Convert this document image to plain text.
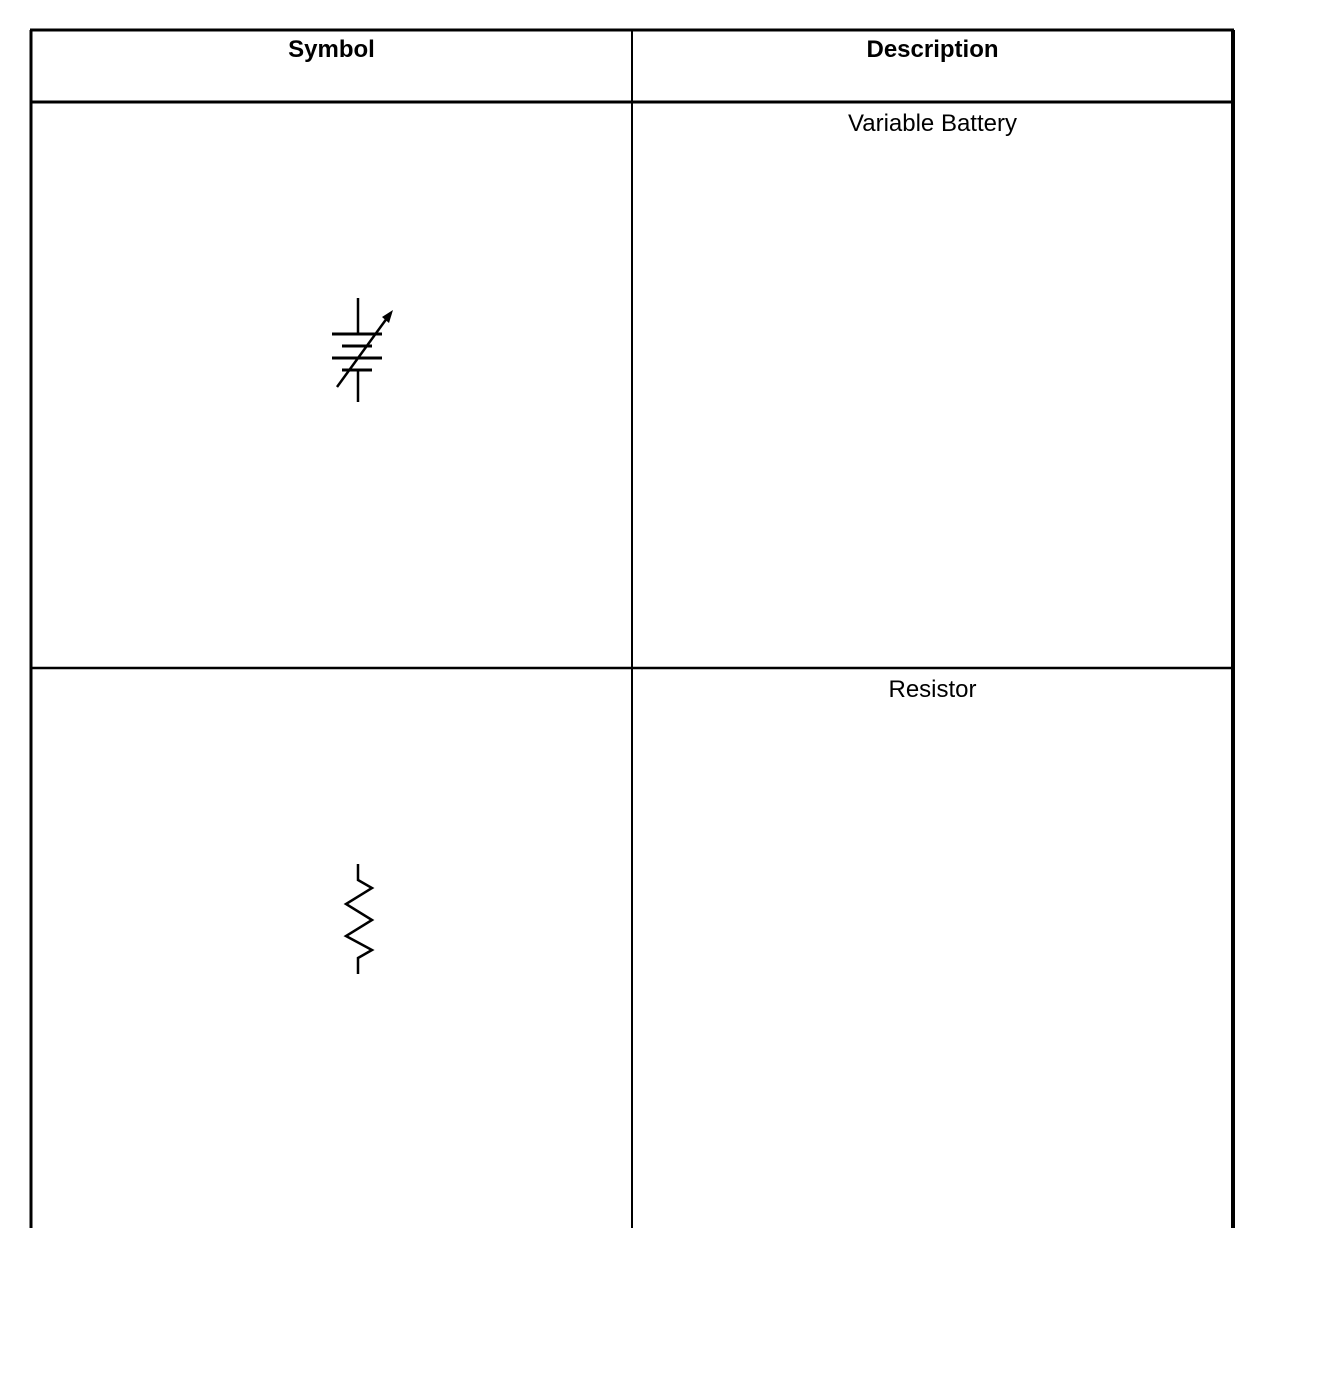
Symbol	Description
Variable Battery
Resistor
